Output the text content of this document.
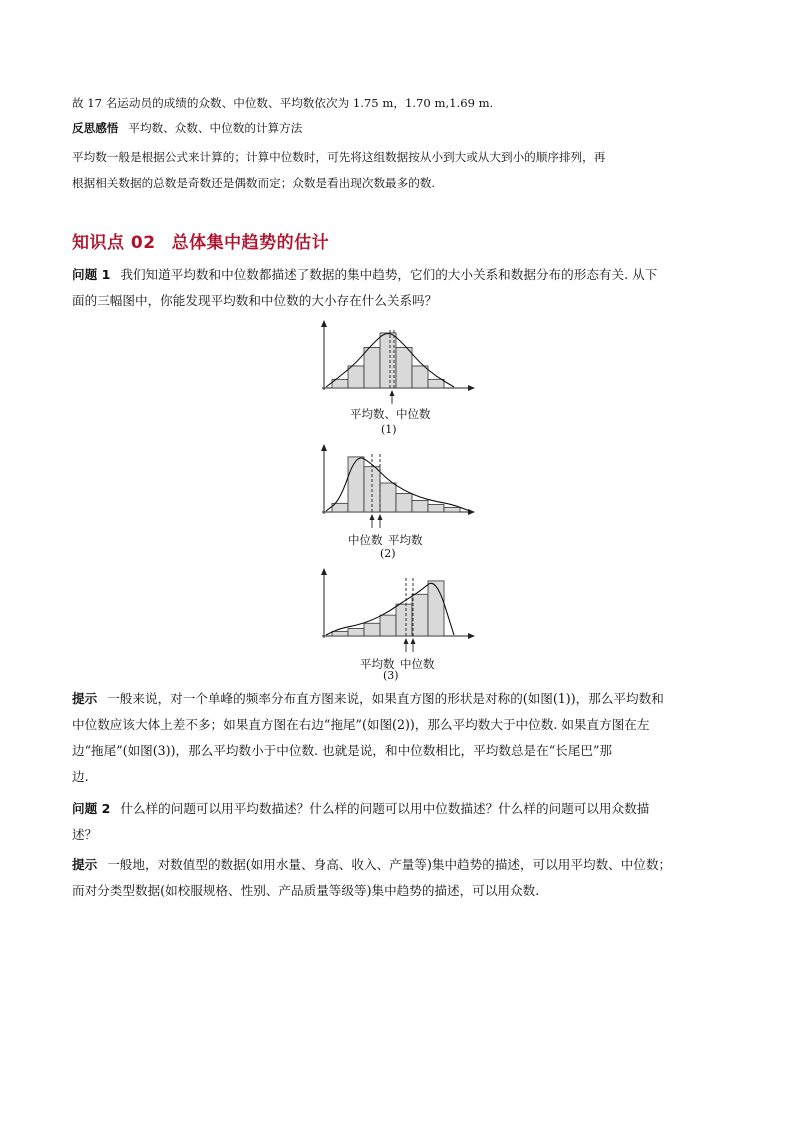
故 17 名运动员的成绩的众数、中位数、平均数依次为 1.75 m，1.70 m,1.69 m.
反思感悟 平均数、众数、中位数的计算方法
平均数一般是根据公式来计算的；计算中位数时，可先将这组数据按从小到大或从大到小的顺序排列，再
根据相关数据的总数是奇数还是偶数而定；众数是看出现次数最多的数.
知识点 02 总体集中趋势的估计
问题 1 我们知道平均数和中位数都描述了数据的集中趋势，它们的大小关系和数据分布的形态有关. 从下
面的三幅图中，你能发现平均数和中位数的大小存在什么关系吗？
平均数、中位数
(1)
中位数 平均数
(2)
平均数 中位数
(3)
提示 一般来说，对一个单峰的频率分布直方图来说，如果直方图的形状是对称的(如图(1))，那么平均数和
中位数应该大体上差不多；如果直方图在右边“拖尾”(如图(2))，那么平均数大于中位数. 如果直方图在左
边“拖尾”(如图(3))，那么平均数小于中位数. 也就是说，和中位数相比，平均数总是在“长尾巴”那
边.
问题 2 什么样的问题可以用平均数描述？什么样的问题可以用中位数描述？什么样的问题可以用众数描
述？
提示 一般地，对数值型的数据(如用水量、身高、收入、产量等)集中趋势的描述，可以用平均数、中位数；
而对分类型数据(如校服规格、性别、产品质量等级等)集中趋势的描述，可以用众数.
